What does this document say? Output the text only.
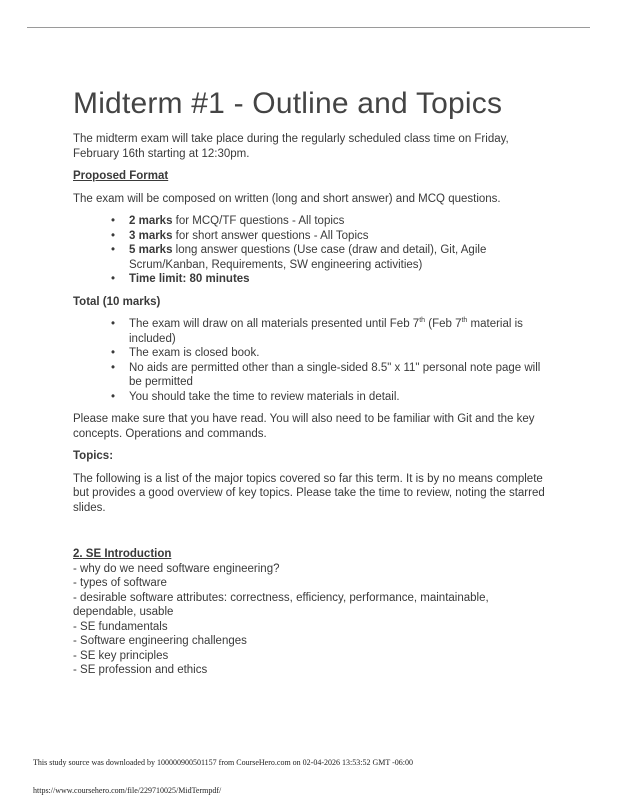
Midterm #1 - Outline and Topics

The midterm exam will take place during the regularly scheduled class time on Friday, February 16th starting at 12:30pm.

Proposed Format

The exam will be composed on written (long and short answer) and MCQ questions.

• 2 marks for MCQ/TF questions - All topics
• 3 marks for short answer questions - All Topics
• 5 marks long answer questions (Use case (draw and detail), Git, Agile Scrum/Kanban, Requirements, SW engineering activities)
• Time limit: 80 minutes

Total (10 marks)

• The exam will draw on all materials presented until Feb 7th (Feb 7th material is included)
• The exam is closed book.
• No aids are permitted other than a single-sided 8.5" x 11" personal note page will be permitted
• You should take the time to review materials in detail.

Please make sure that you have read. You will also need to be familiar with Git and the key concepts. Operations and commands.

Topics:

The following is a list of the major topics covered so far this term. It is by no means complete but provides a good overview of key topics. Please take the time to review, noting the starred slides.

2. SE Introduction

- why do we need software engineering?
- types of software
- desirable software attributes: correctness, efficiency, performance, maintainable, dependable, usable
- SE fundamentals
- Software engineering challenges
- SE key principles
- SE profession and ethics
This study source was downloaded by 100000900501157 from CourseHero.com on 02-04-2026 13:53:52 GMT -06:00
https://www.coursehero.com/file/229710025/MidTermpdf/
